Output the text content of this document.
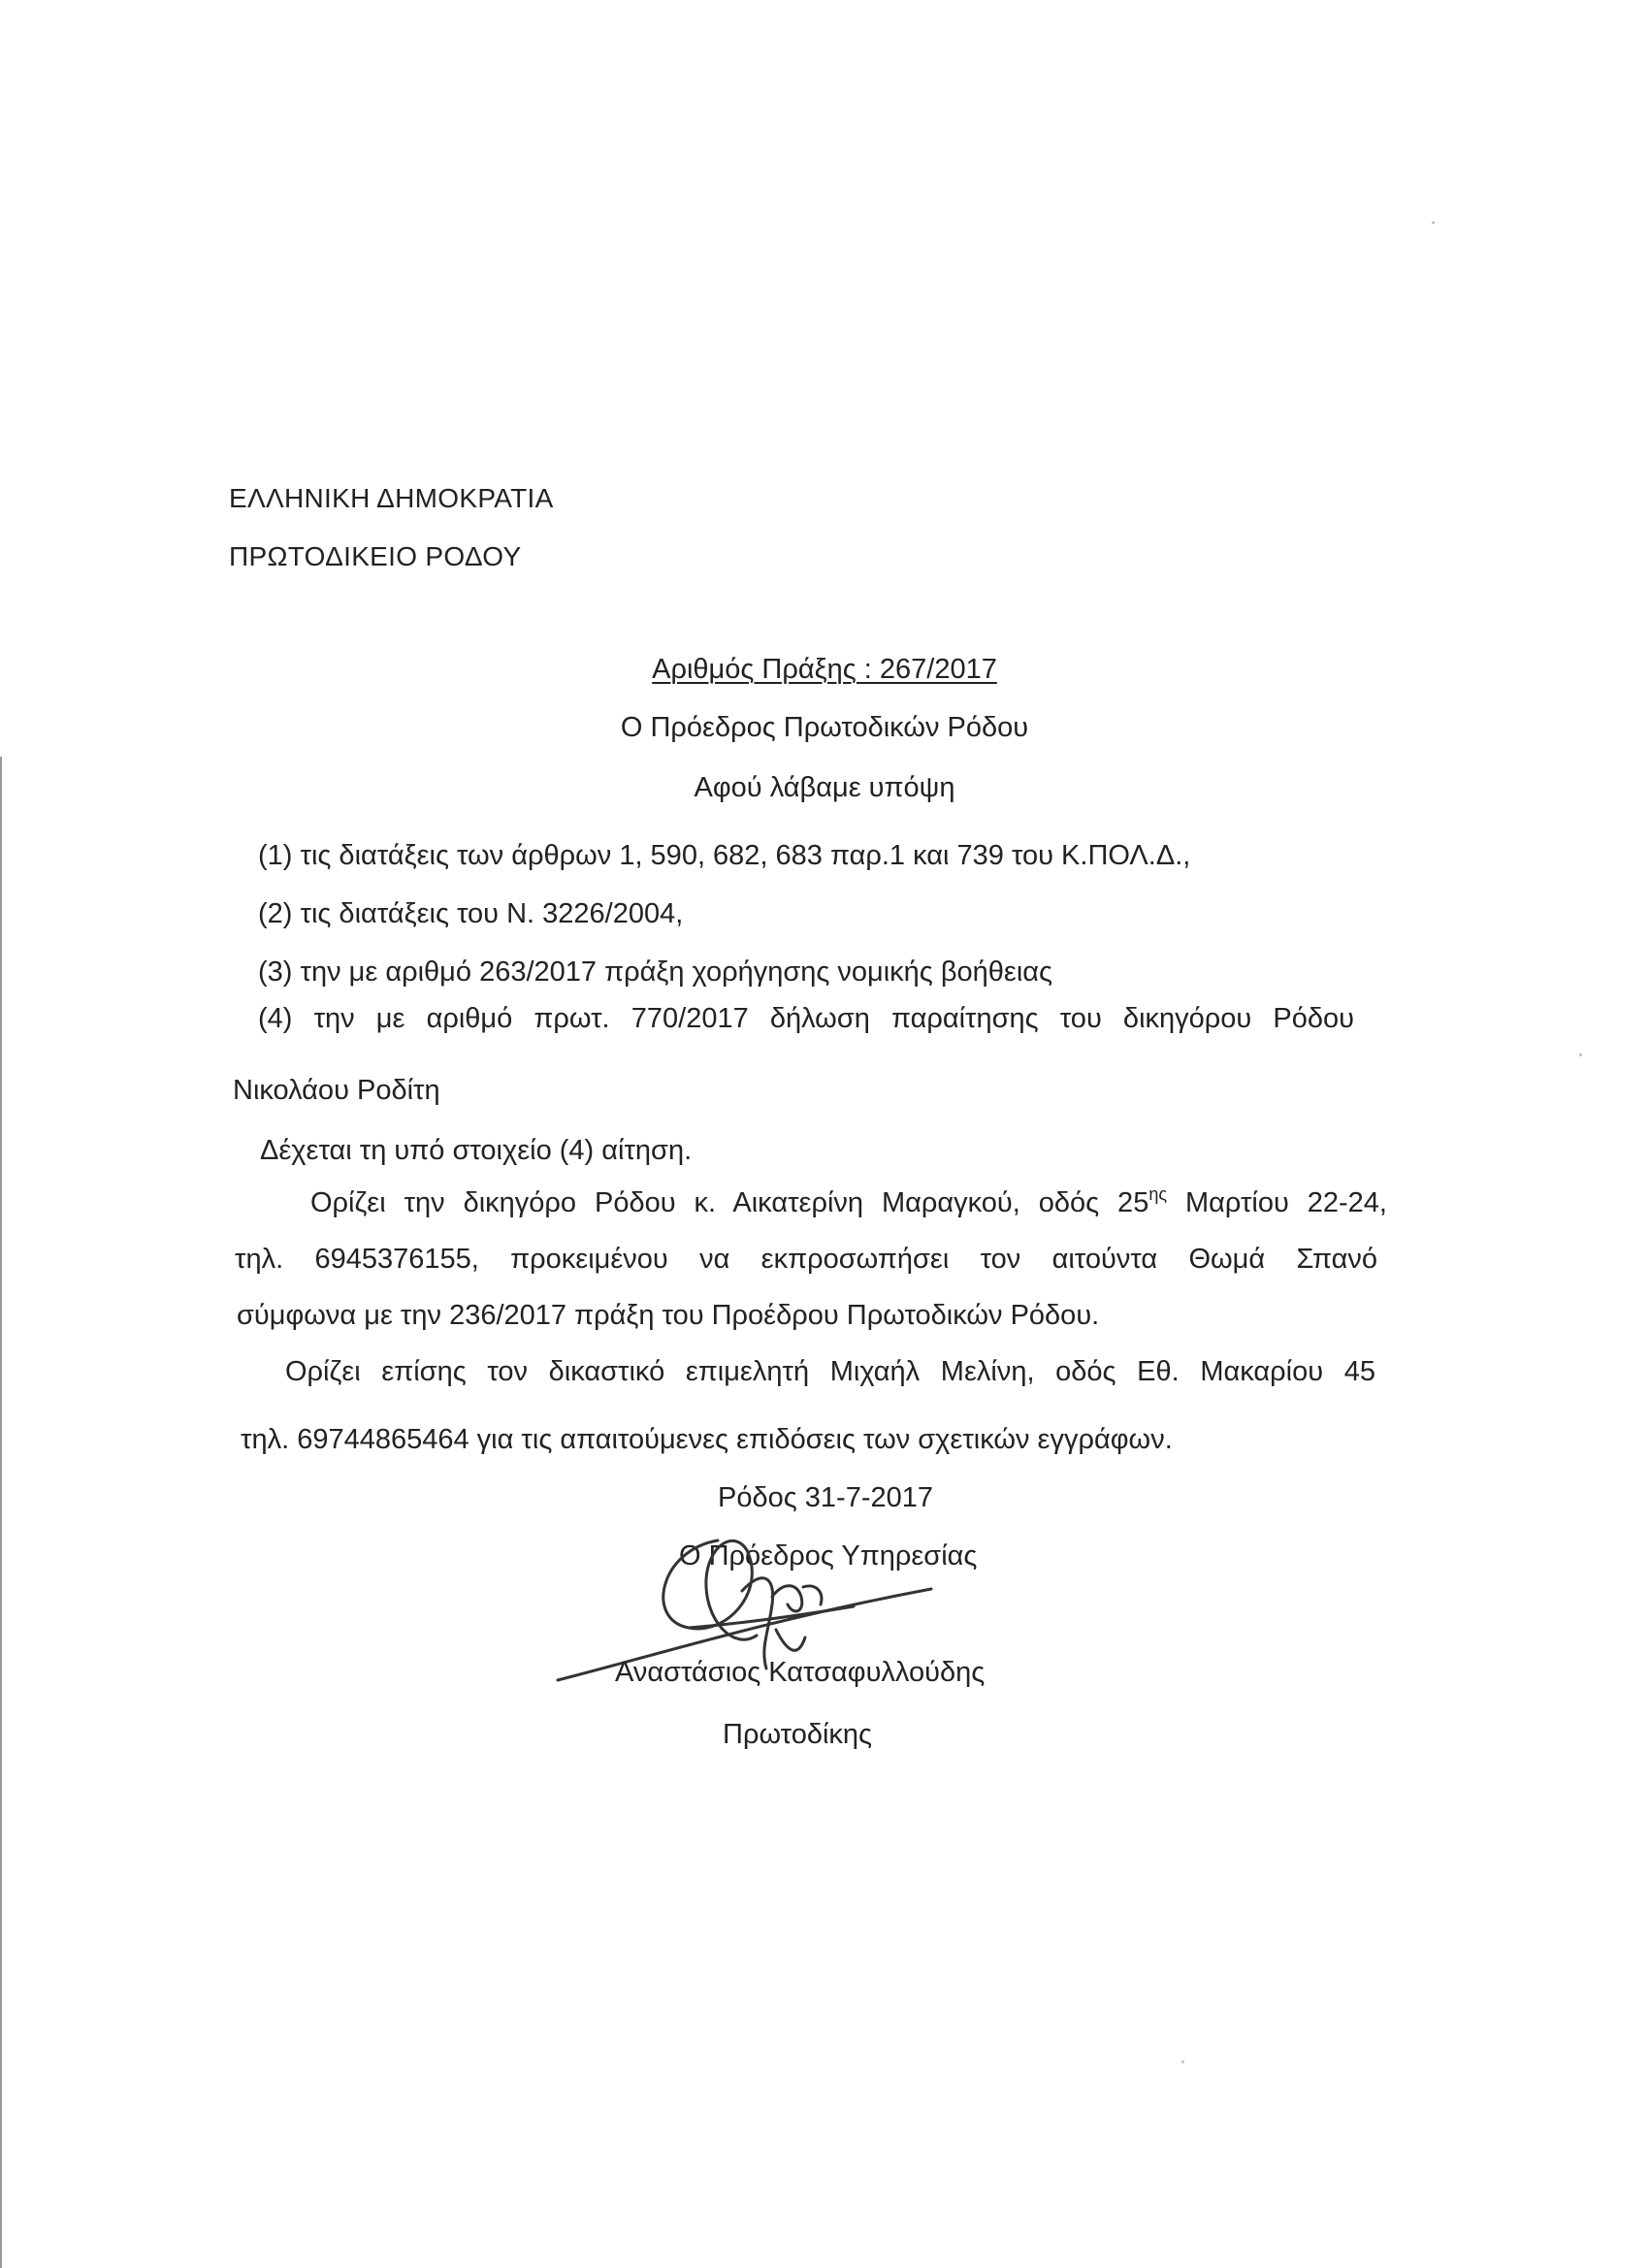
ΕΛΛΗΝΙΚΗ ΔΗΜΟΚΡΑΤΙΑ
ΠΡΩΤΟΔΙΚΕΙΟ ΡΟΔΟΥ
Αριθμός Πράξης : 267/2017
Ο Πρόεδρος Πρωτοδικών Ρόδου
Αφού λάβαμε υπόψη
(1) τις διατάξεις των άρθρων 1, 590, 682, 683 παρ.1 και 739 του Κ.ΠΟΛ.Δ.,
(2) τις διατάξεις του Ν. 3226/2004,
(3) την με αριθμό 263/2017 πράξη χορήγησης νομικής βοήθειας
(4) την με αριθμό πρωτ. 770/2017 δήλωση παραίτησης του δικηγόρου Ρόδου
Νικολάου Ροδίτη
Δέχεται τη υπό στοιχείο (4) αίτηση.
Ορίζει την δικηγόρο Ρόδου κ. Αικατερίνη Μαραγκού, οδός $25^{\eta\varsigma}$ Μαρτίου 22-24,
τηλ. 6945376155, προκειμένου να εκπροσωπήσει τον αιτούντα Θωμά Σπανό
σύμφωνα με την 236/2017 πράξη του Προέδρου Πρωτοδικών Ρόδου.
Ορίζει επίσης τον δικαστικό επιμελητή Μιχαήλ Μελίνη, οδός Εθ. Μακαρίου 45
τηλ. 69744865464 για τις απαιτούμενες επιδόσεις των σχετικών εγγράφων.
Ρόδος 31-7-2017
Ο Πρόεδρος Υπηρεσίας
Αναστάσιος Κατσαφυλλούδης
Πρωτοδίκης
